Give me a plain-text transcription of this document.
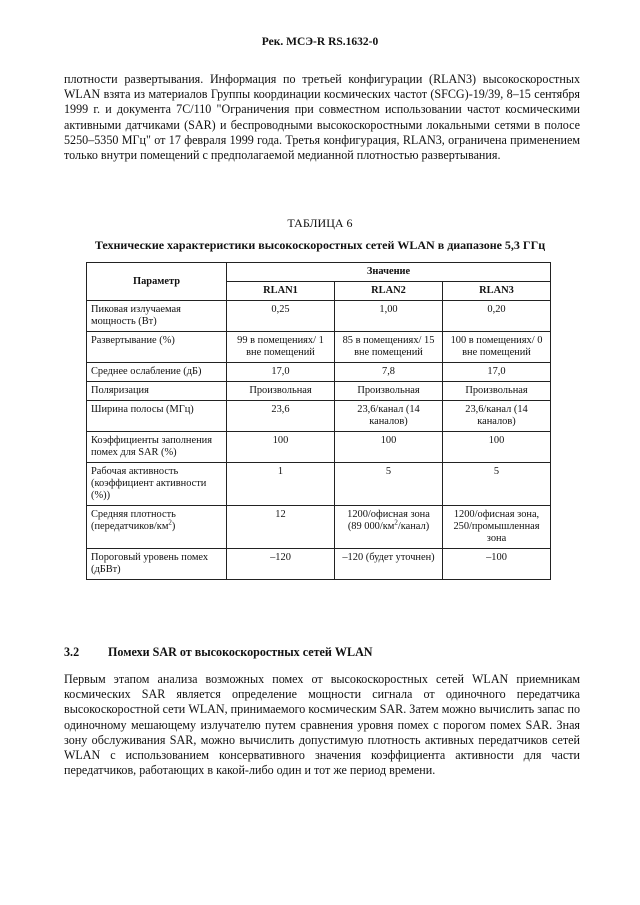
Рек. МСЭ-R RS.1632-0
плотности развертывания. Информация по третьей конфигурации (RLAN3) высокоскоростных WLAN взята из материалов Группы координации космических частот (SFCG)-19/39, 8–15 сентября 1999 г. и документа 7C/110 "Ограничения при совместном использовании частот космическими активными датчиками (SAR) и беспроводными высокоскоростными локальными сетями в полосе 5250–5350 МГц" от 17 февраля 1999 года. Третья конфигурация, RLAN3, ограничена применением только внутри помещений с предполагаемой медианной плотностью развертывания.
ТАБЛИЦА 6
Технические характеристики высокоскоростных сетей WLAN в диапазоне 5,3 ГГц
Параметр	Значение		
	RLAN1	RLAN2	RLAN3
Пиковая излучаемая мощность (Вт)	0,25	1,00	0,20
Развертывание (%)	99 в помещениях/ 1 вне помещений	85 в помещениях/ 15 вне помещений	100 в помещениях/ 0 вне помещений
Среднее ослабление (дБ)	17,0	7,8	17,0
Поляризация	Произвольная	Произвольная	Произвольная
Ширина полосы (МГц)	23,6	23,6/канал (14 каналов)	23,6/канал (14 каналов)
Коэффициенты заполнения помех для SAR (%)	100	100	100
Рабочая активность (коэффициент активности (%))	1	5	5
Средняя плотность $(передатчиков/км^2)$	12	1200/офисная зона (89 $000/км^2/канал$)	1200/офисная зона, 250/промышленная зона
Пороговый уровень помех (дБВт)	–120	–120 (будет уточнен)	–100
3.2 Помехи SAR от высокоскоростных сетей WLAN
Первым этапом анализа возможных помех от высокоскоростных сетей WLAN приемникам космических SAR является определение мощности сигнала от одиночного передатчика высокоскоростной сети WLAN, принимаемого космическим SAR. Затем можно вычислить запас по одиночному мешающему излучателю путем сравнения уровня помех с порогом помех SAR. Зная зону обслуживания SAR, можно вычислить допустимую плотность активных передатчиков сетей WLAN с использованием консервативного значения коэффициента активности для части передатчиков, работающих в какой-либо один и тот же период времени.
